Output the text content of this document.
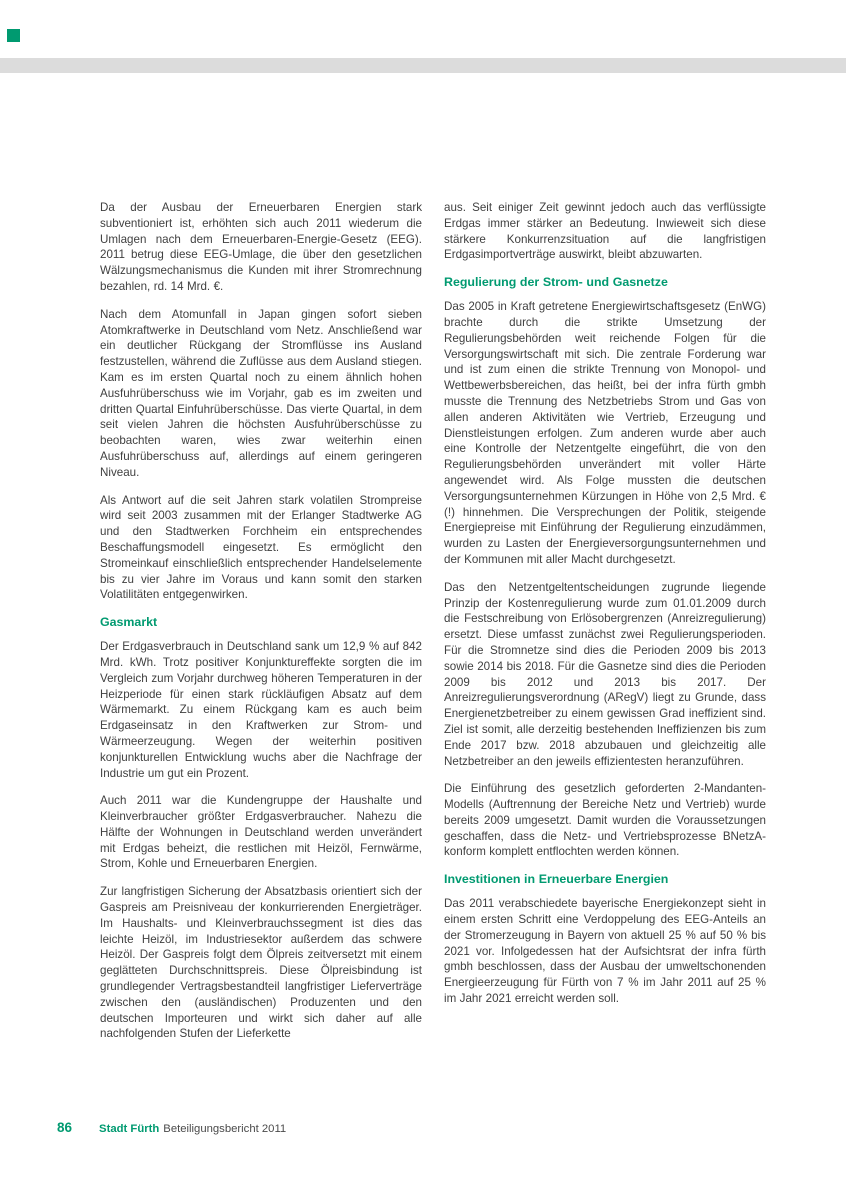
Da der Ausbau der Erneuerbaren Energien stark subventioniert ist, erhöhten sich auch 2011 wiederum die Umlagen nach dem Erneuerbaren-Energie-Gesetz (EEG). 2011 betrug diese EEG-Umlage, die über den gesetzlichen Wälzungsmechanismus die Kunden mit ihrer Stromrechnung bezahlen, rd. 14 Mrd. €.

Nach dem Atomunfall in Japan gingen sofort sieben Atomkraftwerke in Deutschland vom Netz. Anschließend war ein deutlicher Rückgang der Stromflüsse ins Ausland festzustellen, während die Zuflüsse aus dem Ausland stiegen. Kam es im ersten Quartal noch zu einem ähnlich hohen Ausfuhrüberschuss wie im Vorjahr, gab es im zweiten und dritten Quartal Einfuhrüberschüsse. Das vierte Quartal, in dem seit vielen Jahren die höchsten Ausfuhrüberschüsse zu beobachten waren, wies zwar weiterhin einen Ausfuhrüberschuss auf, allerdings auf einem geringeren Niveau.

Als Antwort auf die seit Jahren stark volatilen Strompreise wird seit 2003 zusammen mit der Erlanger Stadtwerke AG und den Stadtwerken Forchheim ein entsprechendes Beschaffungsmodell eingesetzt. Es ermöglicht den Stromeinkauf einschließlich entsprechender Handelselemente bis zu vier Jahre im Voraus und kann somit den starken Volatilitäten entgegenwirken.

Gasmarkt

Der Erdgasverbrauch in Deutschland sank um 12,9 % auf 842 Mrd. kWh. Trotz positiver Konjunktureffekte sorgten die im Vergleich zum Vorjahr durchweg höheren Temperaturen in der Heizperiode für einen stark rückläufigen Absatz auf dem Wärmemarkt. Zu einem Rückgang kam es auch beim Erdgaseinsatz in den Kraftwerken zur Strom- und Wärmeerzeugung. Wegen der weiterhin positiven konjunkturellen Entwicklung wuchs aber die Nachfrage der Industrie um gut ein Prozent.

Auch 2011 war die Kundengruppe der Haushalte und Kleinverbraucher größter Erdgasverbraucher. Nahezu die Hälfte der Wohnungen in Deutschland werden unverändert mit Erdgas beheizt, die restlichen mit Heizöl, Fernwärme, Strom, Kohle und Erneuerbaren Energien.

Zur langfristigen Sicherung der Absatzbasis orientiert sich der Gaspreis am Preisniveau der konkurrierenden Energieträger. Im Haushalts- und Kleinverbrauchssegment ist dies das leichte Heizöl, im Industriesektor außerdem das schwere Heizöl. Der Gaspreis folgt dem Ölpreis zeitversetzt mit einem geglätteten Durchschnittspreis. Diese Ölpreisbindung ist grundlegender Vertragsbestandteil langfristiger Lieferverträge zwischen den (ausländischen) Produzenten und den deutschen Importeuren und wirkt sich daher auf alle nachfolgenden Stufen der Lieferkette

aus. Seit einiger Zeit gewinnt jedoch auch das verflüssigte Erdgas immer stärker an Bedeutung. Inwieweit sich diese stärkere Konkurrenzsituation auf die langfristigen Erdgasimportverträge auswirkt, bleibt abzuwarten.

Regulierung der Strom- und Gasnetze

Das 2005 in Kraft getretene Energiewirtschaftsgesetz (EnWG) brachte durch die strikte Umsetzung der Regulierungsbehörden weit reichende Folgen für die Versorgungswirtschaft mit sich. Die zentrale Forderung war und ist zum einen die strikte Trennung von Monopol- und Wettbewerbsbereichen, das heißt, bei der infra fürth gmbh musste die Trennung des Netzbetriebs Strom und Gas von allen anderen Aktivitäten wie Vertrieb, Erzeugung und Dienstleistungen erfolgen. Zum anderen wurde aber auch eine Kontrolle der Netzentgelte eingeführt, die von den Regulierungsbehörden unverändert mit voller Härte angewendet wird. Als Folge mussten die deutschen Versorgungsunternehmen Kürzungen in Höhe von 2,5 Mrd. € (!) hinnehmen. Die Versprechungen der Politik, steigende Energiepreise mit Einführung der Regulierung einzudämmen, wurden zu Lasten der Energieversorgungsunternehmen und der Kommunen mit aller Macht durchgesetzt.

Das den Netzentgeltentscheidungen zugrunde liegende Prinzip der Kostenregulierung wurde zum 01.01.2009 durch die Festschreibung von Erlösobergrenzen (Anreizregulierung) ersetzt. Diese umfasst zunächst zwei Regulierungsperioden. Für die Stromnetze sind dies die Perioden 2009 bis 2013 sowie 2014 bis 2018. Für die Gasnetze sind dies die Perioden 2009 bis 2012 und 2013 bis 2017. Der Anreizregulierungsverordnung (ARegV) liegt zu Grunde, dass Energienetzbetreiber zu einem gewissen Grad ineffizient sind. Ziel ist somit, alle derzeitig bestehenden Ineffizienzen bis zum Ende 2017 bzw. 2018 abzubauen und gleichzeitig alle Netzbetreiber an den jeweils effizientesten heranzuführen.

Die Einführung des gesetzlich geforderten 2-Mandanten-Modells (Auftrennung der Bereiche Netz und Vertrieb) wurde bereits 2009 umgesetzt. Damit wurden die Voraussetzungen geschaffen, dass die Netz- und Vertriebsprozesse BNetzA-konform komplett entflochten werden können.

Investitionen in Erneuerbare Energien

Das 2011 verabschiedete bayerische Energiekonzept sieht in einem ersten Schritt eine Verdoppelung des EEG-Anteils an der Stromerzeugung in Bayern von aktuell 25 % auf 50 % bis 2021 vor. Infolgedessen hat der Aufsichtsrat der infra fürth gmbh beschlossen, dass der Ausbau der umweltschonenden Energieerzeugung für Fürth von 7 % im Jahr 2011 auf 25 % im Jahr 2021 erreicht werden soll.

86 Stadt Fürth Beteiligungsbericht 2011
